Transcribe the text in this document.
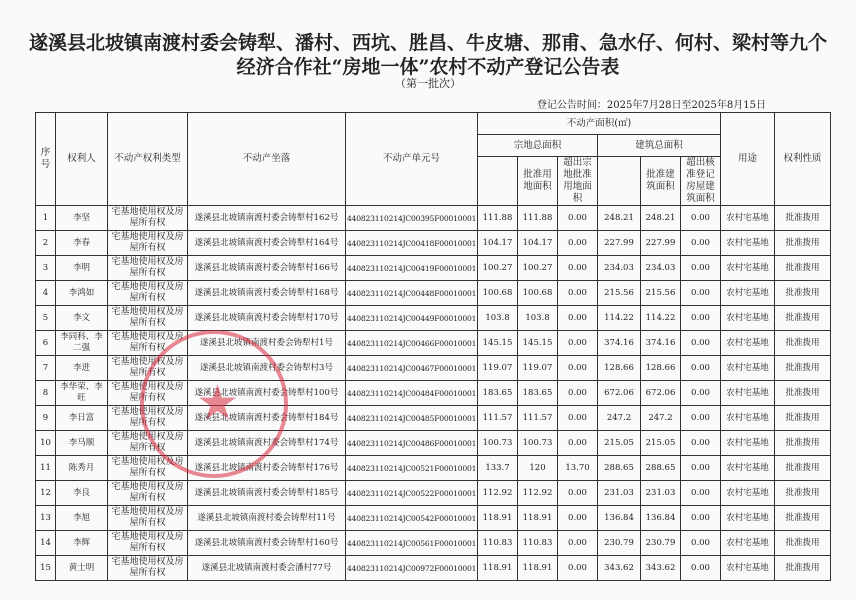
遂溪县北坡镇南渡村委会铸犁、潘村、西坑、胜昌、牛皮塘、那甫、急水仔、何村、梁村等九个
经济合作社“房地一体”农村不动产登记公告表
（第一批次）
登记公告时间：2025年7月28日至2025年8月15日
序号	权利人	不动产权利类型	不动产坐落	不动产单元号	不动产面积(㎡)						用途	权利性质
					宗地总面积			建筑总面积				
						批准用地面积	超出宗地批准用地面积		批准建筑面积	超出核准登记房屋建筑面积		
1	李坚	宅基地使用权及房屋所有权	遂溪县北坡镇南渡村委会铸犁村162号	440823110214JC00395F00010001	111.88	111.88	0.00	248.21	248.21	0.00	农村宅基地	批准拨用
2	李春	宅基地使用权及房屋所有权	遂溪县北坡镇南渡村委会铸犁村164号	440823110214JC00418F00010001	104.17	104.17	0.00	227.99	227.99	0.00	农村宅基地	批准拨用
3	李明	宅基地使用权及房屋所有权	遂溪县北坡镇南渡村委会铸犁村166号	440823110214JC00419F00010001	100.27	100.27	0.00	234.03	234.03	0.00	农村宅基地	批准拨用
4	李鸿如	宅基地使用权及房屋所有权	遂溪县北坡镇南渡村委会铸犁村168号	440823110214JC00448F00010001	100.68	100.68	0.00	215.56	215.56	0.00	农村宅基地	批准拨用
5	李文	宅基地使用权及房屋所有权	遂溪县北坡镇南渡村委会铸犁村170号	440823110214JC00449F00010001	103.8	103.8	0.00	114.22	114.22	0.00	农村宅基地	批准拨用
6	李同科、李二强	宅基地使用权及房屋所有权	遂溪县北坡镇南渡村委会铸犁村1号	440823110214JC00466F00010001	145.15	145.15	0.00	374.16	374.16	0.00	农村宅基地	批准拨用
7	李进	宅基地使用权及房屋所有权	遂溪县北坡镇南渡村委会铸犁村3号	440823110214JC00467F00010001	119.07	119.07	0.00	128.66	128.66	0.00	农村宅基地	批准拨用
8	李华荣、李旺	宅基地使用权及房屋所有权	遂溪县北坡镇南渡村委会铸犁村100号	440823110214JC00484F00010001	183.65	183.65	0.00	672.06	672.06	0.00	农村宅基地	批准拨用
9	李日富	宅基地使用权及房屋所有权	遂溪县北坡镇南渡村委会铸犁村184号	440823110214JC00485F00010001	111.57	111.57	0.00	247.2	247.2	0.00	农村宅基地	批准拨用
10	李马顺	宅基地使用权及房屋所有权	遂溪县北坡镇南渡村委会铸犁村174号	440823110214JC00486F00010001	100.73	100.73	0.00	215.05	215.05	0.00	农村宅基地	批准拨用
11	陈秀月	宅基地使用权及房屋所有权	遂溪县北坡镇南渡村委会铸犁村176号	440823110214JC00521F00010001	133.7	120	13.70	288.65	288.65	0.00	农村宅基地	批准拨用
12	李良	宅基地使用权及房屋所有权	遂溪县北坡镇南渡村委会铸犁村185号	440823110214JC00522F00010001	112.92	112.92	0.00	231.03	231.03	0.00	农村宅基地	批准拨用
13	李旭	宅基地使用权及房屋所有权	遂溪县北坡镇南渡村委会铸犁村11号	440823110214JC00542F00010001	118.91	118.91	0.00	136.84	136.84	0.00	农村宅基地	批准拨用
14	李辉	宅基地使用权及房屋所有权	遂溪县北坡镇南渡村委会铸犁村160号	440823110214JC00561F00010001	110.83	110.83	0.00	230.79	230.79	0.00	农村宅基地	批准拨用
15	黄士明	宅基地使用权及房屋所有权	遂溪县北坡镇南渡村委会潘村77号	440823110214JC00972F00010001	118.91	118.91	0.00	343.62	343.62	0.00	农村宅基地	批准拨用
★
